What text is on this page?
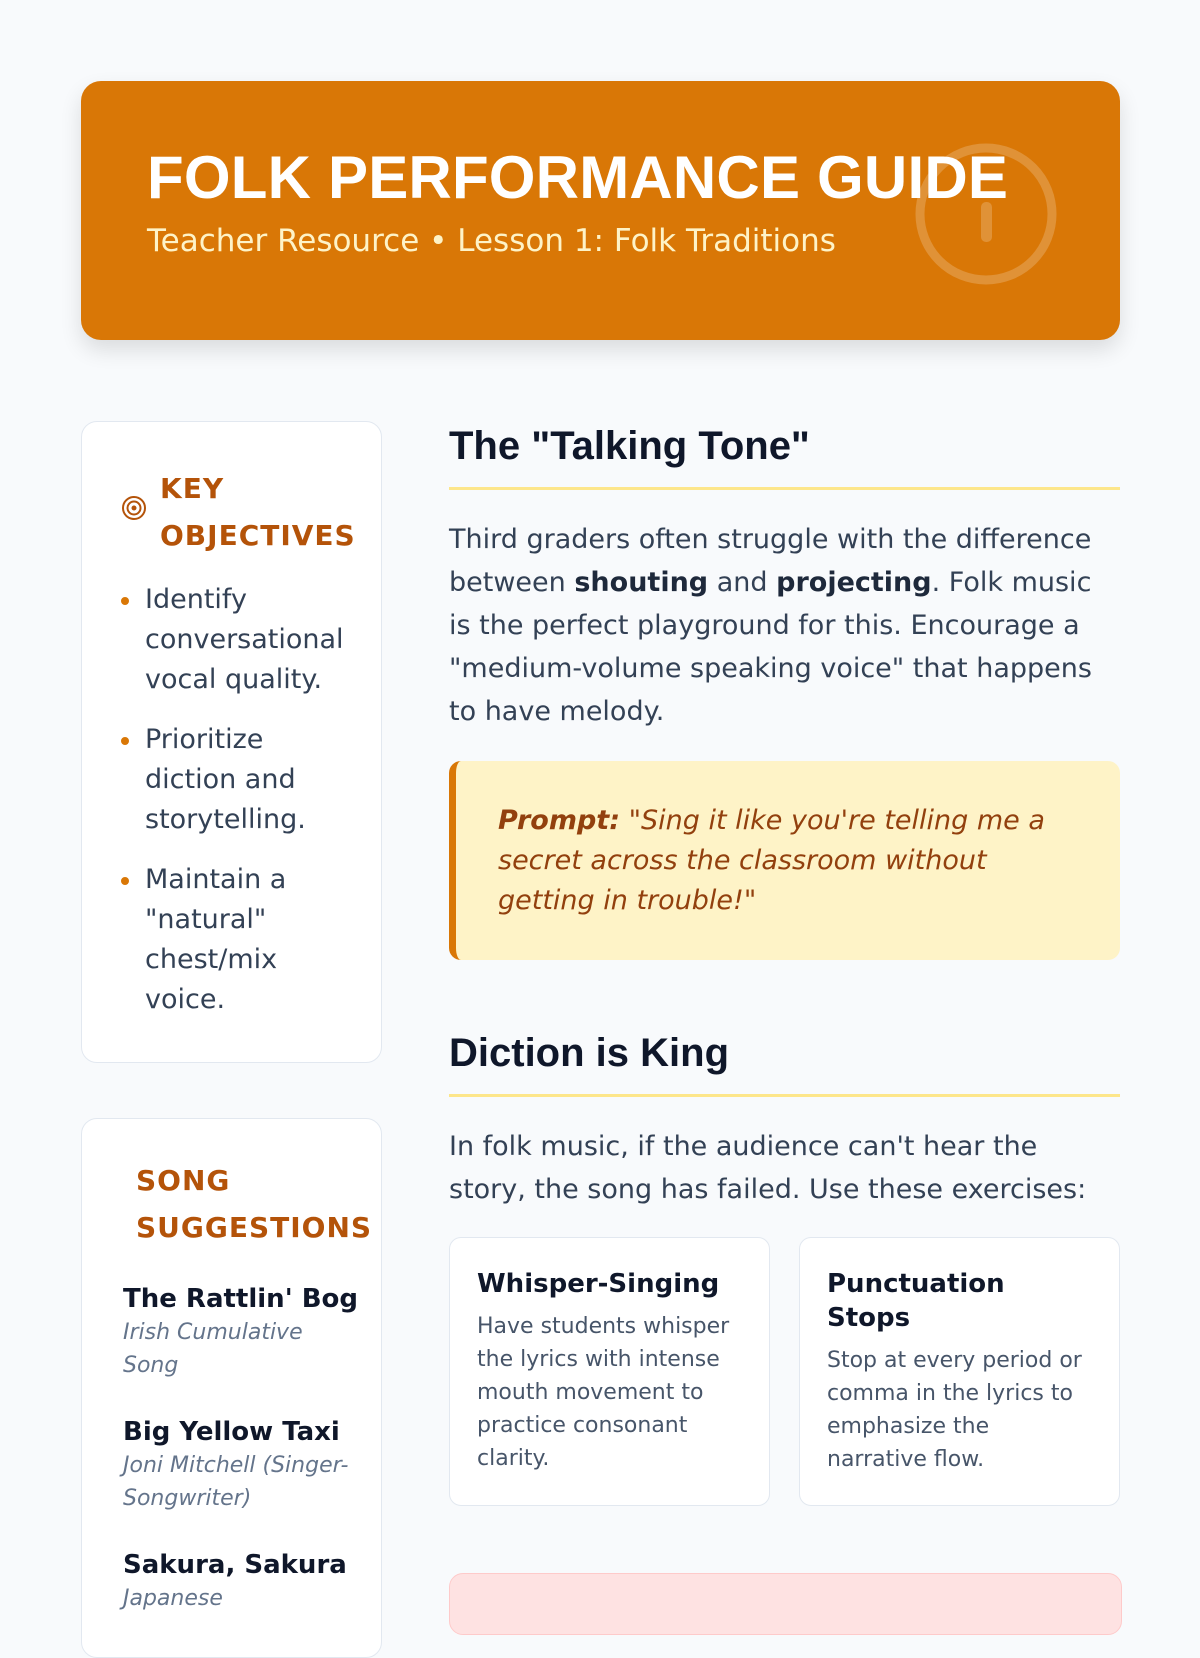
FOLK PERFORMANCE GUIDE
Teacher Resource • Lesson 1: Folk Traditions
KEY OBJECTIVES
Identify conversational vocal quality.
Prioritize diction and storytelling.
Maintain a "natural" chest/mix voice.
SONG SUGGESTIONS
The Rattlin' Bog
Irish Cumulative Song
Big Yellow Taxi
Joni Mitchell (Singer-Songwriter)
Sakura, Sakura
Japanese
The "Talking Tone"
Third graders often struggle with the difference between shouting and projecting. Folk music is the perfect playground for this. Encourage a "medium-volume speaking voice" that happens to have melody.
Prompt: "Sing it like you're telling me a secret across the classroom without getting in trouble!"
Diction is King
In folk music, if the audience can't hear the story, the song has failed. Use these exercises:
Whisper-Singing
Have students whisper the lyrics with intense mouth movement to practice consonant clarity.
Punctuation Stops
Stop at every period or comma in the lyrics to emphasize the narrative flow.
